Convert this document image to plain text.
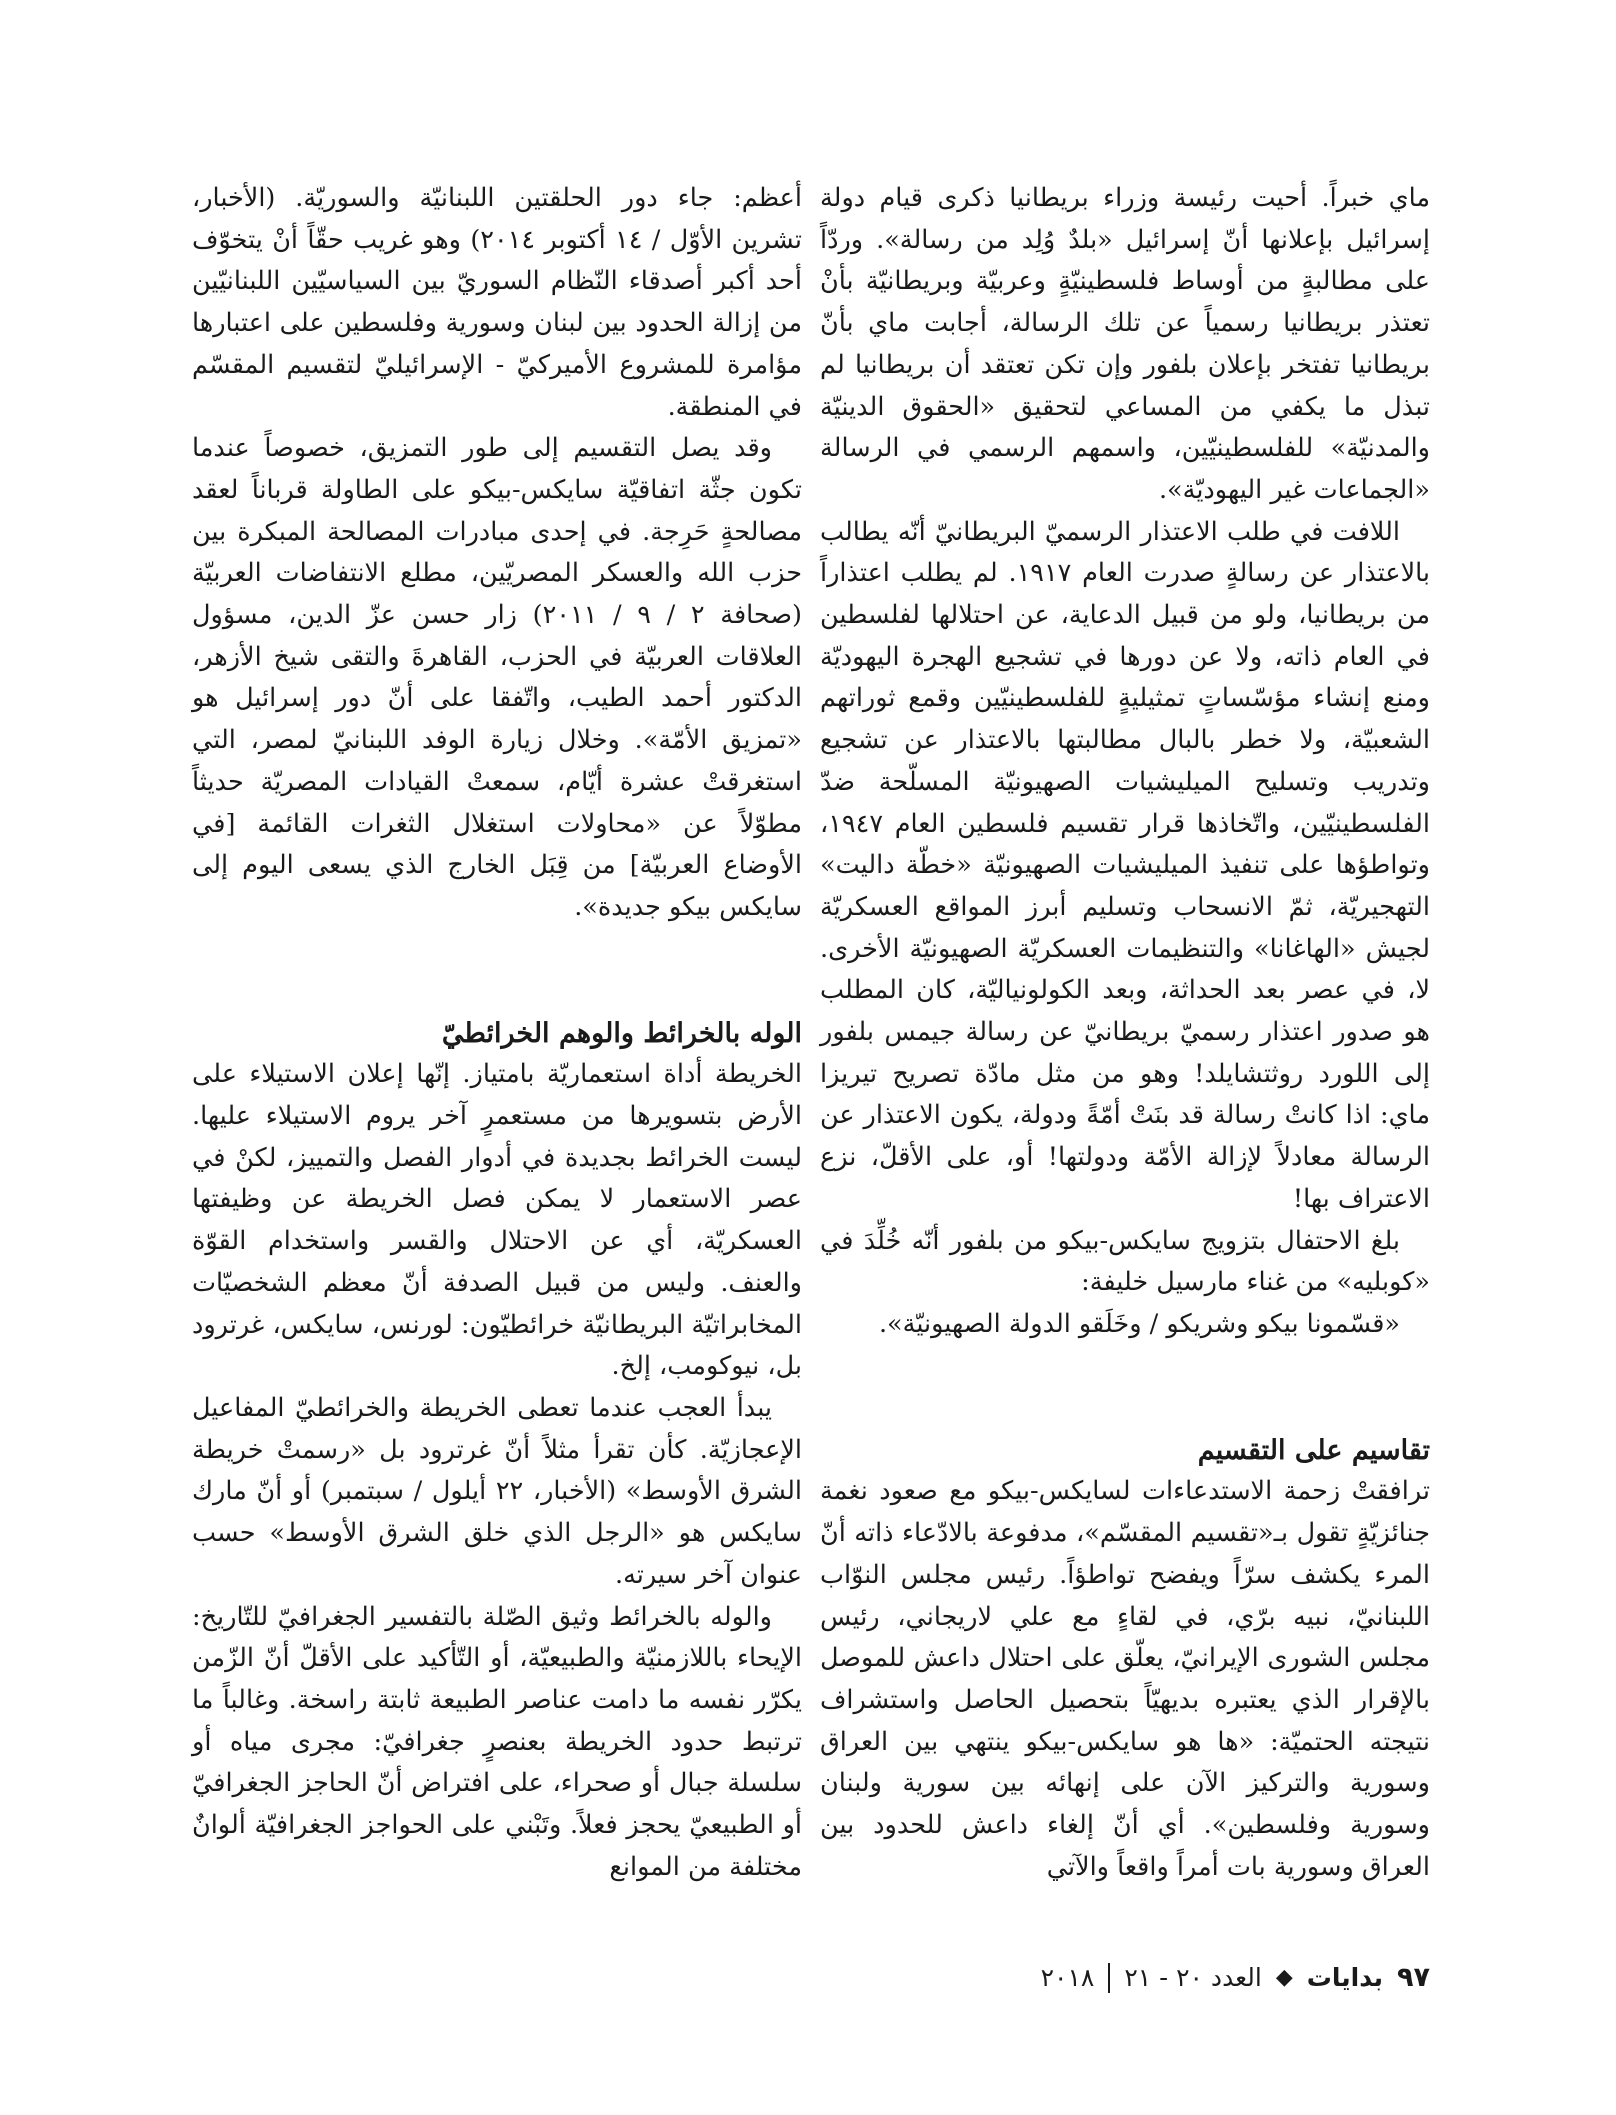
ماي خبراً. أحيت رئيسة وزراء بريطانيا ذكرى قيام دولة إسرائيل بإعلانها أنّ إسرائيل «بلدٌ وُلِد من رسالة». وردّاً على مطالبةٍ من أوساط فلسطينيّةٍ وعربيّة وبريطانيّة بأنْ تعتذر بريطانيا رسمياً عن تلك الرسالة، أجابت ماي بأنّ بريطانيا تفتخر بإعلان بلفور وإن تكن تعتقد أن بريطانيا لم تبذل ما يكفي من المساعي لتحقيق «الحقوق الدينيّة والمدنيّة» للفلسطينيّين، واسمهم الرسمي في الرسالة «الجماعات غير اليهوديّة».

اللافت في طلب الاعتذار الرسميّ البريطانيّ أنّه يطالب بالاعتذار عن رسالةٍ صدرت العام ١٩١٧. لم يطلب اعتذاراً من بريطانيا، ولو من قبيل الدعاية، عن احتلالها لفلسطين في العام ذاته، ولا عن دورها في تشجيع الهجرة اليهوديّة ومنع إنشاء مؤسّساتٍ تمثيليةٍ للفلسطينيّين وقمع ثوراتهم الشعبيّة، ولا خطر بالبال مطالبتها بالاعتذار عن تشجيع وتدريب وتسليح الميليشيات الصهيونيّة المسلّحة ضدّ الفلسطينيّين، واتّخاذها قرار تقسيم فلسطين العام ١٩٤٧، وتواطؤها على تنفيذ الميليشيات الصهيونيّة «خطّة داليت» التهجيريّة، ثمّ الانسحاب وتسليم أبرز المواقع العسكريّة لجيش «الهاغانا» والتنظيمات العسكريّة الصهيونيّة الأخرى. لا، في عصر بعد الحداثة، وبعد الكولونياليّة، كان المطلب هو صدور اعتذار رسميّ بريطانيّ عن رسالة جيمس بلفور إلى اللورد روثتشايلد! وهو من مثل مادّة تصريح تيريزا ماي: اذا كانتْ رسالة قد بنَتْ أمّةً ودولة، يكون الاعتذار عن الرسالة معادلاً لإزالة الأمّة ودولتها! أو، على الأقلّ، نزع الاعتراف بها!

بلغ الاحتفال بتزويج سايكس-بيكو من بلفور أنّه خُلِّدَ في «كوبليه» من غناء مارسيل خليفة:

«قسّمونا بيكو وشريكو / وخَلَقو الدولة الصهيونيّة».

تقاسيم على التقسيم

ترافقتْ زحمة الاستدعاءات لسايكس-بيكو مع صعود نغمة جنائزيّةٍ تقول بـ«تقسيم المقسّم»، مدفوعة بالادّعاء ذاته أنّ المرء يكشف سرّاً ويفضح تواطؤاً. رئيس مجلس النوّاب اللبنانيّ، نبيه برّي، في لقاءٍ مع علي لاريجاني، رئيس مجلس الشورى الإيرانيّ، يعلّق على احتلال داعش للموصل بالإقرار الذي يعتبره بديهيّاً بتحصيل الحاصل واستشراف نتيجته الحتميّة: «ها هو سايكس-بيكو ينتهي بين العراق وسورية والتركيز الآن على إنهائه بين سورية ولبنان وسورية وفلسطين». أي أنّ إلغاء داعش للحدود بين العراق وسورية بات أمراً واقعاً والآتي

أعظم: جاء دور الحلقتين اللبنانيّة والسوريّة. (الأخبار، تشرين الأوّل / ١٤ أكتوبر ٢٠١٤) وهو غريب حقّاً أنْ يتخوّف أحد أكبر أصدقاء النّظام السوريّ بين السياسيّين اللبنانيّين من إزالة الحدود بين لبنان وسورية وفلسطين على اعتبارها مؤامرة للمشروع الأميركيّ - الإسرائيليّ لتقسيم المقسّم في المنطقة.

وقد يصل التقسيم إلى طور التمزيق، خصوصاً عندما تكون جثّة اتفاقيّة سايكس-بيكو على الطاولة قرباناً لعقد مصالحةٍ حَرِجة. في إحدى مبادرات المصالحة المبكرة بين حزب الله والعسكر المصريّين، مطلع الانتفاضات العربيّة (صحافة ٢ / ٩ / ٢٠١١) زار حسن عزّ الدين، مسؤول العلاقات العربيّة في الحزب، القاهرةَ والتقى شيخ الأزهر، الدكتور أحمد الطيب، واتّفقا على أنّ دور إسرائيل هو «تمزيق الأمّة». وخلال زيارة الوفد اللبنانيّ لمصر، التي استغرقتْ عشرة أيّام، سمعتْ القيادات المصريّة حديثاً مطوّلاً عن «محاولات استغلال الثغرات القائمة [في الأوضاع العربيّة] من قِبَل الخارج الذي يسعى اليوم إلى سايكس بيكو جديدة».

الوله بالخرائط والوهم الخرائطيّ

الخريطة أداة استعماريّة بامتياز. إنّها إعلان الاستيلاء على الأرض بتسويرها من مستعمرٍ آخر يروم الاستيلاء عليها. ليست الخرائط بجديدة في أدوار الفصل والتمييز، لكنْ في عصر الاستعمار لا يمكن فصل الخريطة عن وظيفتها العسكريّة، أي عن الاحتلال والقسر واستخدام القوّة والعنف. وليس من قبيل الصدفة أنّ معظم الشخصيّات المخابراتيّة البريطانيّة خرائطيّون: لورنس، سايكس، غرترود بل، نيوكومب، إلخ.

يبدأ العجب عندما تعطى الخريطة والخرائطيّ المفاعيل الإعجازيّة. كأن تقرأ مثلاً أنّ غرترود بل «رسمتْ خريطة الشرق الأوسط» (الأخبار، ٢٢ أيلول / سبتمبر) أو أنّ مارك سايكس هو «الرجل الذي خلق الشرق الأوسط» حسب عنوان آخر سيرته.

والوله بالخرائط وثيق الصّلة بالتفسير الجغرافيّ للتّاريخ: الإيحاء باللازمنيّة والطبيعيّة، أو التّأكيد على الأقلّ أنّ الزّمن يكرّر نفسه ما دامت عناصر الطبيعة ثابتة راسخة. وغالباً ما ترتبط حدود الخريطة بعنصرٍ جغرافيّ: مجرى مياه أو سلسلة جبال أو صحراء، على افتراض أنّ الحاجز الجغرافيّ أو الطبيعيّ يحجز فعلاً. وتَبْني على الحواجز الجغرافيّة ألوانٌ مختلفة من الموانع

٩٧
بدايات
◆
العدد ٢٠ - ٢١
٢٠١٨
